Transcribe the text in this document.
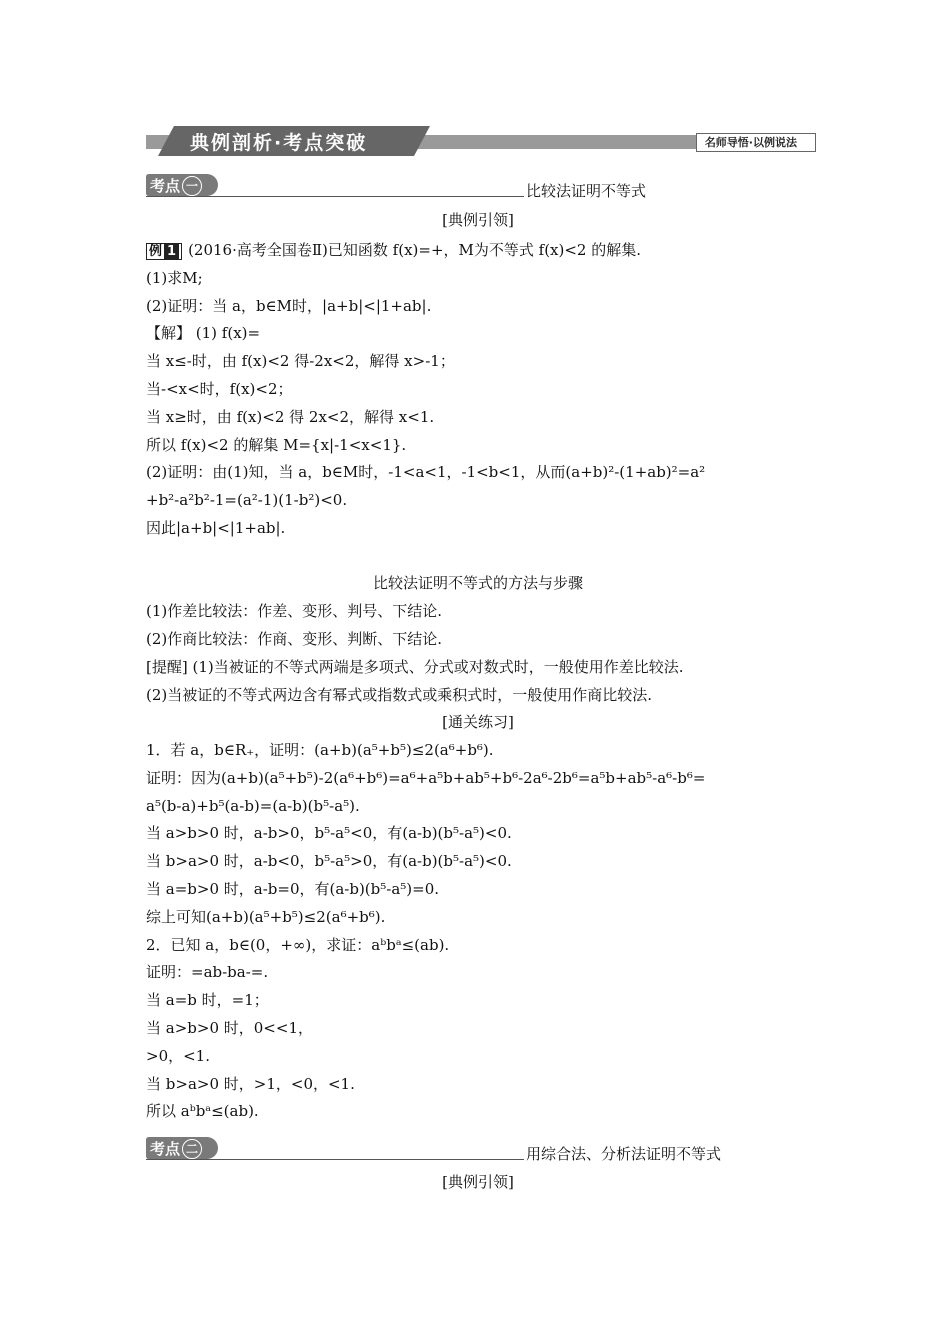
典例剖析·考点突破	名师导悟·以例说法
考点 一	比较法证明不等式
[典例引领]
例 1 (2016·高考全国卷Ⅱ)已知函数 f(x)=+，M为不等式 f(x)<2 的解集.
(1)求M;
(2)证明：当 a，b∈M时，|a+b|<|1+ab|.
【解】 (1) f(x)=
当 x≤-时，由 f(x)<2 得-2x<2，解得 x>-1；
当-<x<时，f(x)<2；
当 x≥时，由 f(x)<2 得 2x<2，解得 x<1.
所以 f(x)<2 的解集 M={x|-1<x<1}.
(2)证明：由(1)知，当 a，b∈M时，-1<a<1，-1<b<1，从而(a+b)²-(1+ab)²=a²
+b²-a²b²-1=(a²-1)(1-b²)<0.
因此|a+b|<|1+ab|.
比较法证明不等式的方法与步骤
(1)作差比较法：作差、变形、判号、下结论.
(2)作商比较法：作商、变形、判断、下结论.
[提醒] (1)当被证的不等式两端是多项式、分式或对数式时，一般使用作差比较法.
(2)当被证的不等式两边含有幂式或指数式或乘积式时，一般使用作商比较法.
[通关练习]
1．若 a，b∈R₊，证明：(a+b)(a⁵+b⁵)≤2(a⁶+b⁶).
证明：因为(a+b)(a⁵+b⁵)-2(a⁶+b⁶)=a⁶+a⁵b+ab⁵+b⁶-2a⁶-2b⁶=a⁵b+ab⁵-a⁶-b⁶=
a⁵(b-a)+b⁵(a-b)=(a-b)(b⁵-a⁵).
当 a>b>0 时，a-b>0，b⁵-a⁵<0，有(a-b)(b⁵-a⁵)<0.
当 b>a>0 时，a-b<0，b⁵-a⁵>0，有(a-b)(b⁵-a⁵)<0.
当 a=b>0 时，a-b=0，有(a-b)(b⁵-a⁵)=0.
综上可知(a+b)(a⁵+b⁵)≤2(a⁶+b⁶).
2．已知 a，b∈(0，+∞)，求证：aᵇbᵃ≤(ab).
证明：=ab-ba-=.
当 a=b 时，=1；
当 a>b>0 时，0<<1，
>0，<1.
当 b>a>0 时，>1，<0，<1.
所以 aᵇbᵃ≤(ab).
考点 二	用综合法、分析法证明不等式
[典例引领]
